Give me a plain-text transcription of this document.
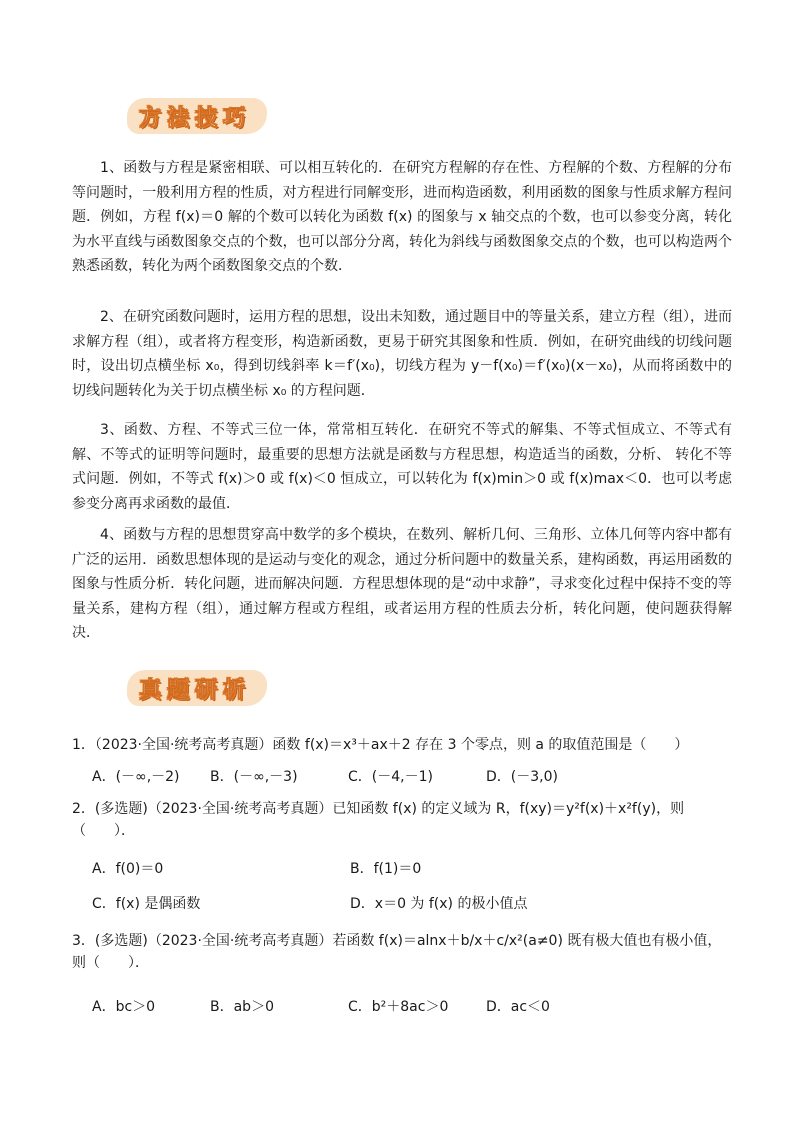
方 法 技 巧

1、函数与方程是紧密相联、可以相互转化的．在研究方程解的存在性、方程解的个数、方程解的分布等问题时，一般利用方程的性质，对方程进行同解变形，进而构造函数，利用函数的图象与性质求解方程问题．例如，方程 f(x)＝0 解的个数可以转化为函数 f(x) 的图象与 x 轴交点的个数，也可以参变分离，转化为水平直线与函数图象交点的个数，也可以部分分离，转化为斜线与函数图象交点的个数，也可以构造两个熟悉函数，转化为两个函数图象交点的个数．

2、在研究函数问题时，运用方程的思想，设出未知数，通过题目中的等量关系，建立方程（组），进而求解方程（组），或者将方程变形，构造新函数，更易于研究其图象和性质．例如，在研究曲线的切线问题时，设出切点横坐标 x₀，得到切线斜率 k＝f′(x₀)，切线方程为 y－f(x₀)＝f′(x₀)(x－x₀)，从而将函数中的切线问题转化为关于切点横坐标 x₀ 的方程问题．

3、函数、方程、不等式三位一体，常常相互转化．在研究不等式的解集、不等式恒成立、不等式有解、不等式的证明等问题时，最重要的思想方法就是函数与方程思想，构造适当的函数，分析、 转化不等式问题．例如，不等式 f(x)＞0 或 f(x)＜0 恒成立，可以转化为 f(x)min＞0 或 f(x)max＜0．也可以考虑参变分离再求函数的最值．

4、函数与方程的思想贯穿高中数学的多个模块，在数列、解析几何、三角形、立体几何等内容中都有广泛的运用．函数思想体现的是运动与变化的观念，通过分析问题中的数量关系，建构函数，再运用函数的图象与性质分析．转化问题，进而解决问题．方程思想体现的是“动中求静”，寻求变化过程中保持不变的等量关系，建构方程（组），通过解方程或方程组，或者运用方程的性质去分析，转化问题，使问题获得解决．

真 题 研 析
1．（2023·全国·统考高考真题）函数 f(x)＝x³＋ax＋2 存在 3 个零点，则 a 的取值范围是（　　）
A．(－∞,－2)	B．(－∞,－3)	C．(－4,－1)	D．(－3,0)
2．(多选题)（2023·全国·统考高考真题）已知函数 f(x) 的定义域为 R，f(xy)＝y²f(x)＋x²f(y)，则（　　）．
A．f(0)＝0	B．f(1)＝0
C．f(x) 是偶函数	D．x＝0 为 f(x) 的极小值点
3．(多选题)（2023·全国·统考高考真题）若函数 f(x)＝alnx＋b/x＋c/x²(a≠0) 既有极大值也有极小值，则（　　）．
A．bc＞0	B．ab＞0	C．b²＋8ac＞0	D．ac＜0
